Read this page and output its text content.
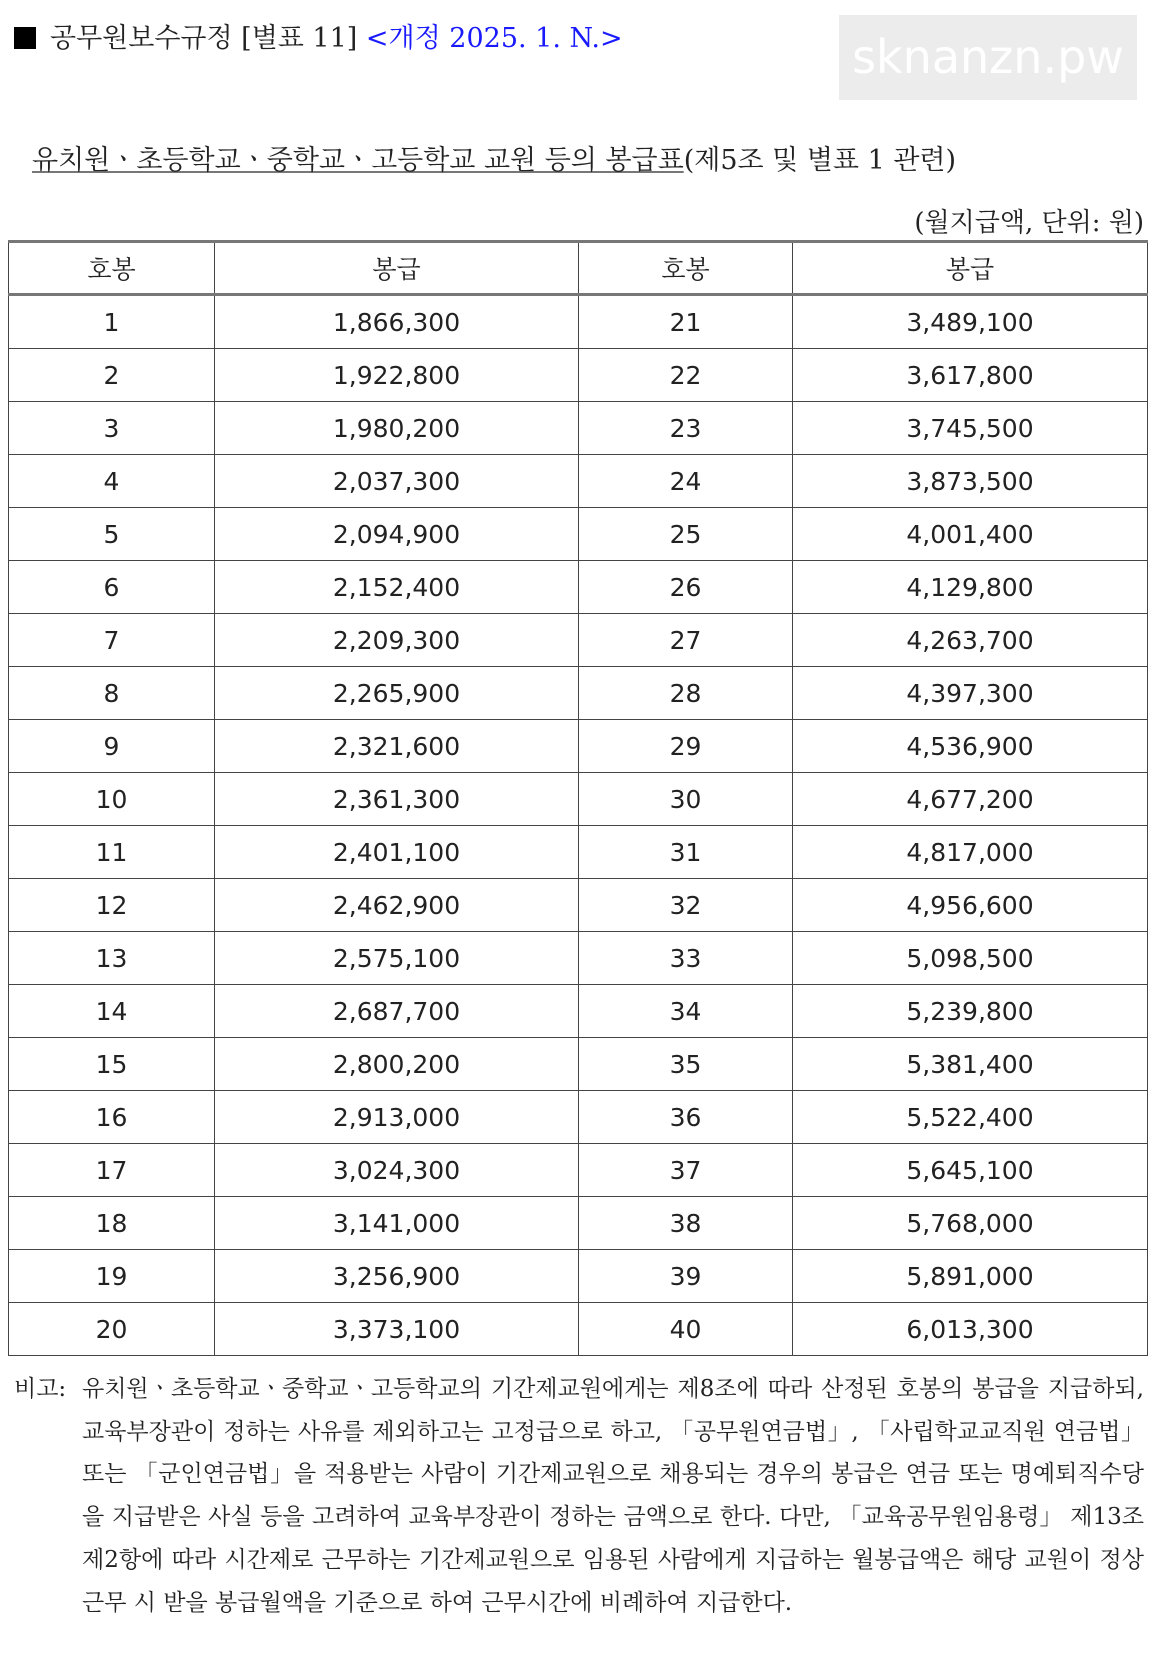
공무원보수규정 [별표 11] <개정 2025. 1. N.>	sknanzn.pw
유치원ㆍ초등학교ㆍ중학교ㆍ고등학교 교원 등의 봉급표(제5조 및 별표 1 관련)
(월지급액, 단위: 원)
호봉	봉급	호봉	봉급
1	1,866,300	21	3,489,100
2	1,922,800	22	3,617,800
3	1,980,200	23	3,745,500
4	2,037,300	24	3,873,500
5	2,094,900	25	4,001,400
6	2,152,400	26	4,129,800
7	2,209,300	27	4,263,700
8	2,265,900	28	4,397,300
9	2,321,600	29	4,536,900
10	2,361,300	30	4,677,200
11	2,401,100	31	4,817,000
12	2,462,900	32	4,956,600
13	2,575,100	33	5,098,500
14	2,687,700	34	5,239,800
15	2,800,200	35	5,381,400
16	2,913,000	36	5,522,400
17	3,024,300	37	5,645,100
18	3,141,000	38	5,768,000
19	3,256,900	39	5,891,000
20	3,373,100	40	6,013,300
비고: 유치원ㆍ초등학교ㆍ중학교ㆍ고등학교의 기간제교원에게는 제8조에 따라 산정된 호봉의 봉급을 지급하되, 교육부장관이 정하는 사유를 제외하고는 고정급으로 하고, 「공무원연금법」, 「사립학교교직원 연금법」 또는 「군인연금법」을 적용받는 사람이 기간제교원으로 채용되는 경우의 봉급은 연금 또는 명예퇴직수당을 지급받은 사실 등을 고려하여 교육부장관이 정하는 금액으로 한다. 다만, 「교육공무원임용령」 제13조제2항에 따라 시간제로 근무하는 기간제교원으로 임용된 사람에게 지급하는 월봉급액은 해당 교원이 정상근무 시 받을 봉급월액을 기준으로 하여 근무시간에 비례하여 지급한다.
